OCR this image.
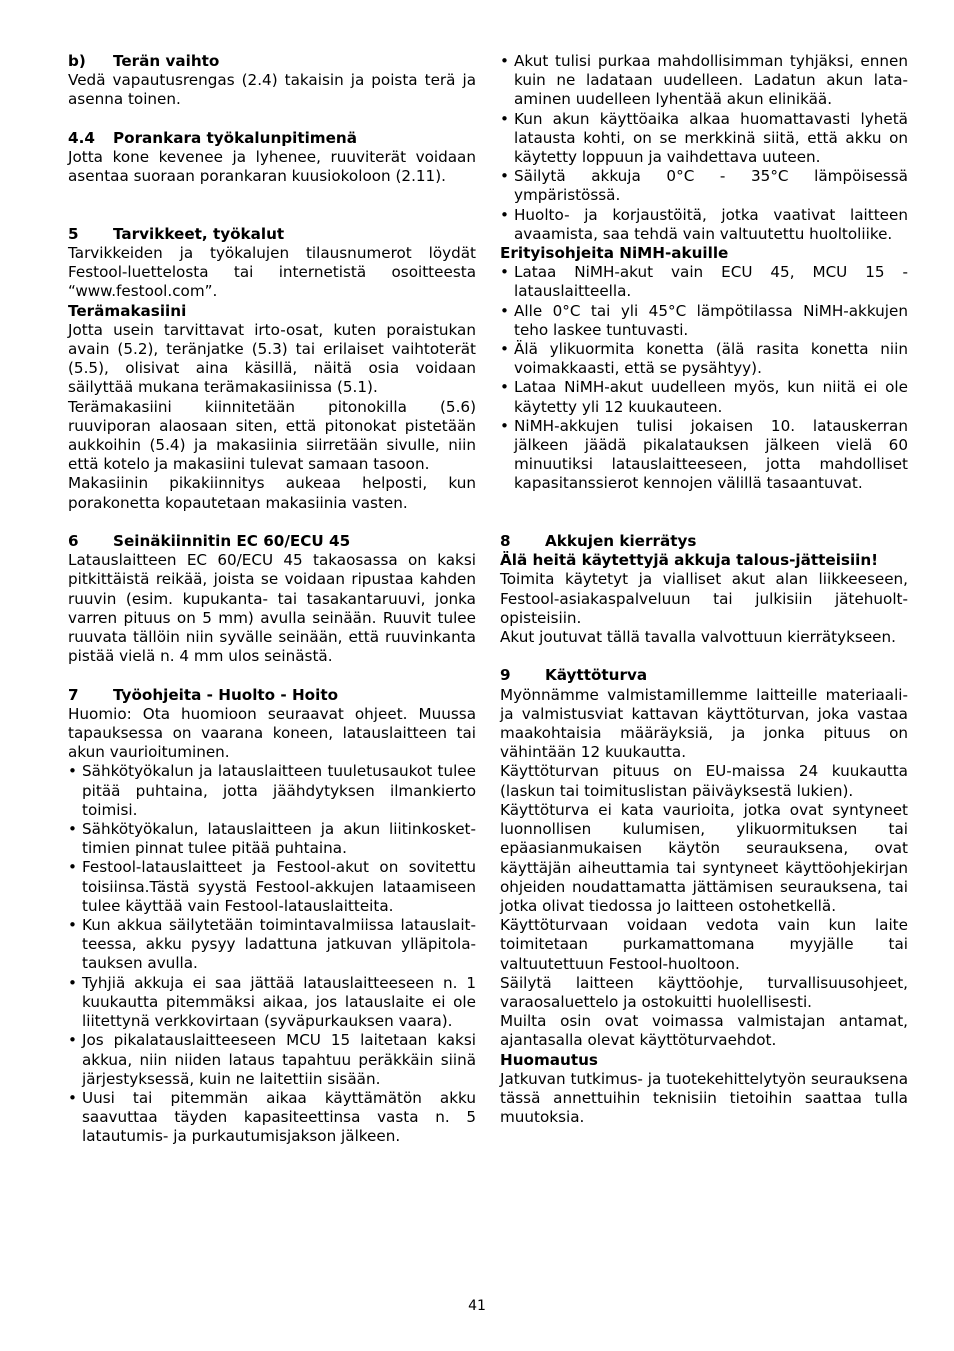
b) Terän vaihto

Vedä vapautusrengas (2.4) takaisin ja poista terä ja asenna toinen.

4.4 Porankara työkalunpitimenä

Jotta kone kevenee ja lyhenee, ruuviterät voidaan asentaa suoraan porankaran kuusiokoloon (2.11).

5 Tarvikkeet, työkalut

Tarvikkeiden ja työkalujen tilausnumerot löydät Festool-luettelosta tai internetistä osoitteesta “www.festool.com”.

Terämakasiini

Jotta usein tarvittavat irto-osat, kuten poraistukan avain (5.2), teränjatke (5.3) tai erilaiset vaihtoterät (5.5), olisivat aina käsillä, näitä osia voidaan säilyttää mukana terämakasiinissa (5.1).

Terämakasiini kiinnitetään pitonokilla (5.6) ruuviporan alaosaan siten, että pitonokat pistetään aukkoihin (5.4) ja makasiinia siirretään sivulle, niin että kotelo ja makasiini tulevat samaan tasoon.

Makasiinin pikakiinnitys aukeaa helposti, kun porakonetta kopautetaan makasiinia vasten.

6 Seinäkiinnitin EC 60/ECU 45

Latauslaitteen EC 60/ECU 45 takaosassa on kaksi pitkittäistä reikää, joista se voidaan ripustaa kahden ruuvin (esim. kupukanta- tai tasakantaruuvi, jonka varren pituus on 5 mm) avulla seinään. Ruuvit tulee ruuvata tällöin niin syvälle seinään, että ruuvinkanta pistää vielä n. 4 mm ulos seinästä.

7 Työohjeita - Huolto - Hoito

Huomio: Ota huomioon seuraavat ohjeet. Muussa tapauksessa on vaarana koneen, latauslaitteen tai akun vaurioituminen.

• Sähkötyökalun ja latauslaitteen tuuletusaukot tulee pitää puhtaina, jotta jäähdytyksen ilmankierto toimisi.
• Sähkötyökalun, latauslaitteen ja akun liitinkosket-timien pinnat tulee pitää puhtaina.
• Festool-latauslaitteet ja Festool-akut on sovitettu toisiinsa.Tästä syystä Festool-akkujen lataamiseen tulee käyttää vain Festool-latauslaitteita.
• Kun akkua säilytetään toimintavalmiissa latauslait-teessa, akku pysyy ladattuna jatkuvan ylläpitola-tauksen avulla.
• Tyhjiä akkuja ei saa jättää latauslaitteeseen n. 1 kuukautta pitemmäksi aikaa, jos latauslaite ei ole liitettynä verkkovirtaan (syväpurkauksen vaara).
• Jos pikalatauslaitteeseen MCU 15 laitetaan kaksi akkua, niin niiden lataus tapahtuu peräkkäin siinä järjestyksessä, kuin ne laitettiin sisään.
• Uusi tai pitemmän aikaa käyttämätön akku saavuttaa täyden kapasiteettinsa vasta n. 5 latautumis- ja purkautumisjakson jälkeen.
• Akut tulisi purkaa mahdollisimman tyhjäksi, ennen kuin ne ladataan uudelleen. Ladatun akun lata-aminen uudelleen lyhentää akun elinikää.
• Kun akun käyttöaika alkaa huomattavasti lyhetä latausta kohti, on se merkkinä siitä, että akku on käytetty loppuun ja vaihdettava uuteen.
• Säilytä akkuja 0°C - 35°C lämpöisessä ympäristössä.
• Huolto- ja korjaustöitä, jotka vaativat laitteen avaamista, saa tehdä vain valtuutettu huoltoliike.
Erityisohjeita NiMH-akuille
• Lataa NiMH-akut vain ECU 45, MCU 15 - latauslaitteella.
• Alle 0°C tai yli 45°C lämpötilassa NiMH-akkujen teho laskee tuntuvasti.
• Älä ylikuormita konetta (älä rasita konetta niin voimakkaasti, että se pysähtyy).
• Lataa NiMH-akut uudelleen myös, kun niitä ei ole käytetty yli 12 kuukauteen.
• NiMH-akkujen tulisi jokaisen 10. latauskerran jälkeen jäädä pikalatauksen jälkeen vielä 60 minuutiksi latauslaitteeseen, jotta mahdolliset kapasitanssierot kennojen välillä tasaantuvat.
8 Akkujen kierrätys

Älä heitä käytettyjä akkuja talous-jätteisiin!

Toimita käytetyt ja vialliset akut alan liikkeeseen, Festool-asiakaspalveluun tai julkisiin jätehuolt-opisteisiin.

Akut joutuvat tällä tavalla valvottuun kierrätykseen.

9 Käyttöturva

Myönnämme valmistamillemme laitteille materiaali- ja valmistusviat kattavan käyttöturvan, joka vastaa maakohtaisia määräyksiä, ja jonka pituus on vähintään 12 kuukautta.

Käyttöturvan pituus on EU-maissa 24 kuukautta (laskun tai toimituslistan päiväyksestä lukien).

Käyttöturva ei kata vaurioita, jotka ovat syntyneet luonnollisen kulumisen, ylikuormituksen tai epäasianmukaisen käytön seurauksena, ovat käyttäjän aiheuttamia tai syntyneet käyttöohjekirjan ohjeiden noudattamatta jättämisen seurauksena, tai jotka olivat tiedossa jo laitteen ostohetkellä.

Käyttöturvaan voidaan vedota vain kun laite toimitetaan purkamattomana myyjälle tai valtuutettuun Festool-huoltoon.

Säilytä laitteen käyttöohje, turvallisuusohjeet, varaosaluettelo ja ostokuitti huolellisesti.

Muilta osin ovat voimassa valmistajan antamat, ajantasalla olevat käyttöturvaehdot.

Huomautus

Jatkuvan tutkimus- ja tuotekehittelytyön seurauksena tässä annettuihin teknisiin tietoihin saattaa tulla muutoksia.

41
